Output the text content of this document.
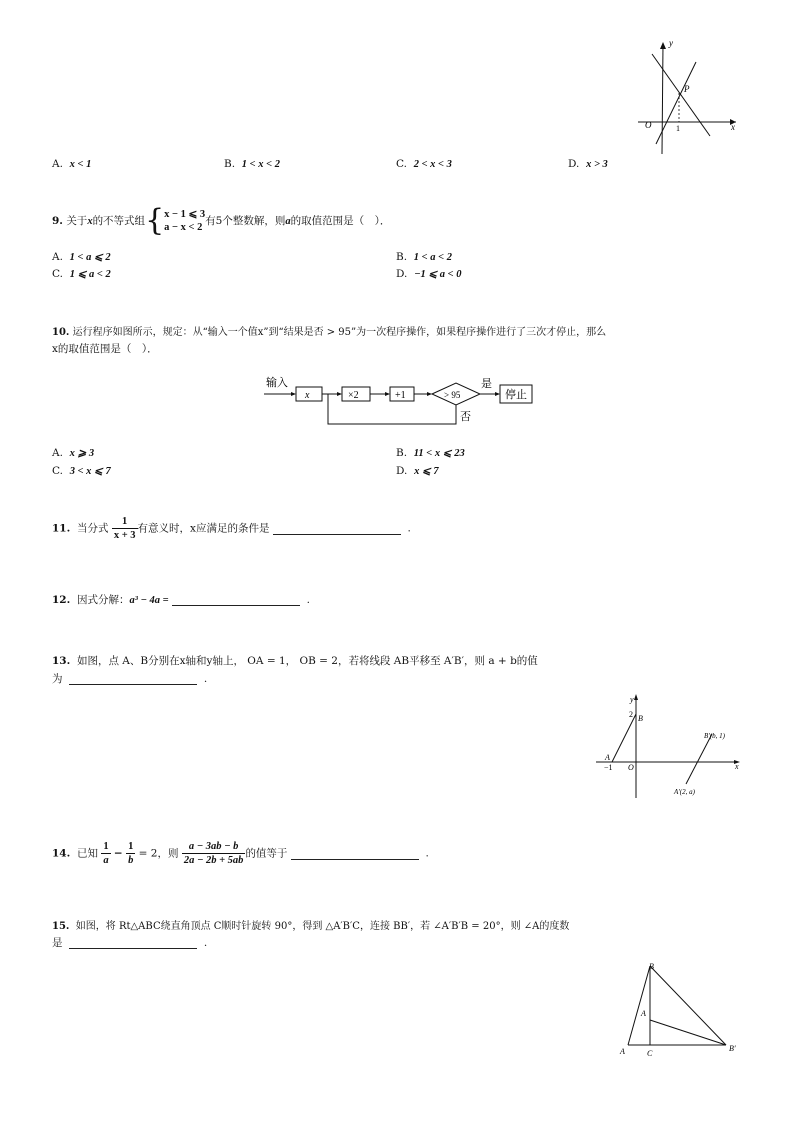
y
x
O
P
1
A. x < 1	B. 1 < x < 2	C. 2 < x < 3	D. x > 3
9. 关于x的不等式组{ x − 1 ⩽ 3
a − x < 2
有5个整数解，则a的取值范围是（　）．
A. 1 < a ⩽ 2	B. 1 < a < 2
C. 1 ⩽ a < 2	D. −1 ⩽ a < 0
10. 运行程序如图所示，规定：从“输入一个值x”到“结果是否 > 95”为一次程序操作，如果程序操作进行了三次才停止，那么
x的取值范围是（　）．
输入
x	×2	+1	> 95
是
停止
否
A. x ⩾ 3	B. 11 < x ⩽ 23
C. 3 < x ⩽ 7	D. x ⩽ 7
11. 当分式 $\frac{1}{x + 3}$ 有意义时，x应满足的条件是	.
12. 因式分解：a³ − 4a =	.
13. 如图，点 A、B分别在x轴和y轴上， OA = 1， OB = 2，若将线段 AB平移至 A′B′，则 a + b的值
为	.
y
x
O
2 B
A
−1
B′(b, 1)
A′(2, a)
14. 已知 $\frac{1}{a} - \frac{1}{b} = 2$，则 $\frac{a - 3ab - b}{2a - 2b + 5ab}$ 的值等于	.
15. 如图，将 Rt△ABC绕直角顶点 C顺时针旋转 90°，得到 △A′B′C，连接 BB′，若 ∠A′B′B = 20°，则 ∠A的度数
是	.
B
A
A	C
B′
